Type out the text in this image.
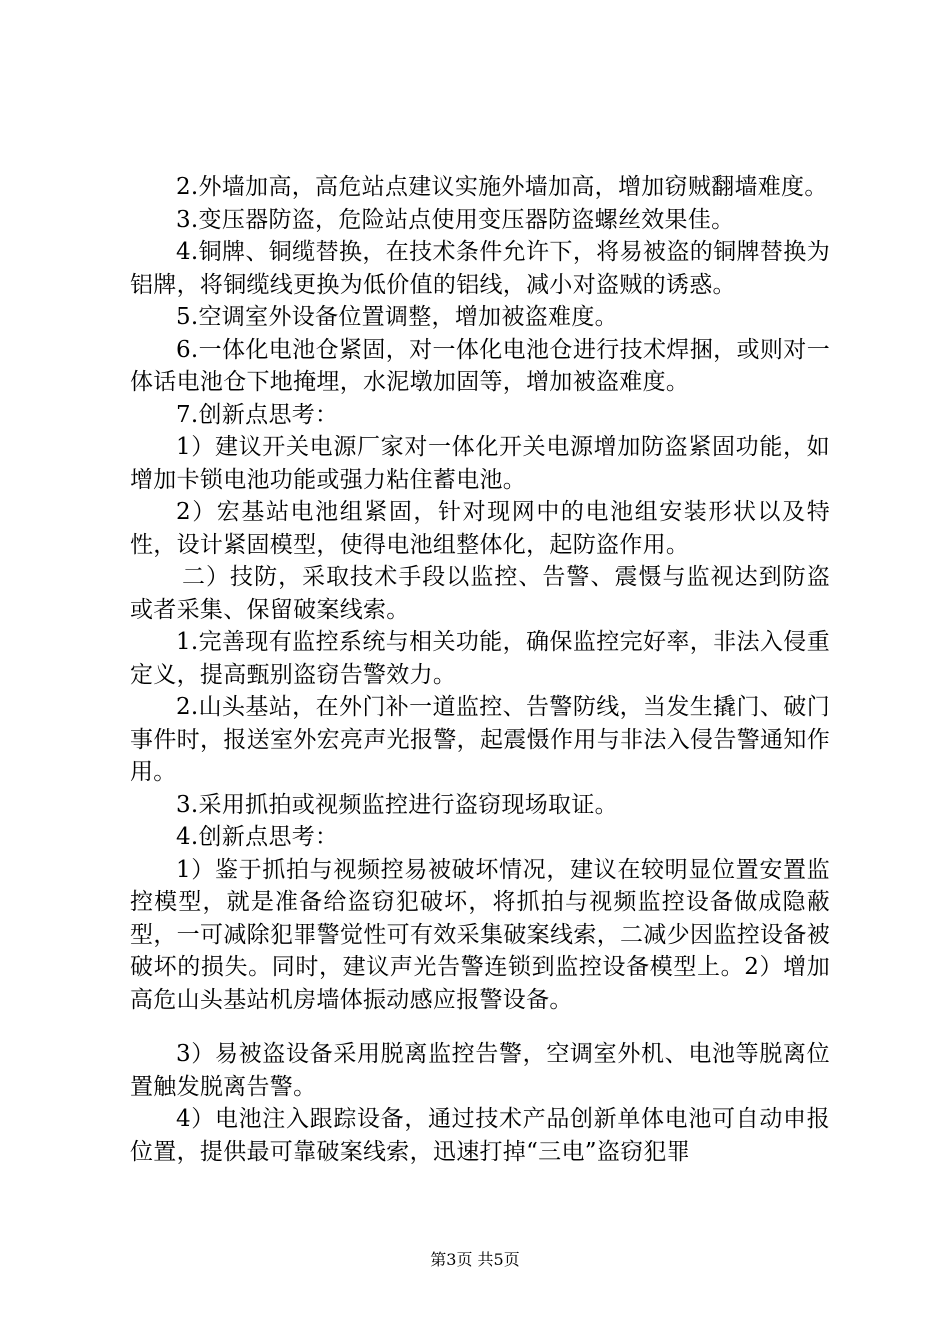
2.外墙加高，高危站点建议实施外墙加高，增加窃贼翻墙难度。

3.变压器防盗，危险站点使用变压器防盗螺丝效果佳。

4.铜牌、铜缆替换，在技术条件允许下，将易被盗的铜牌替换为铝牌，将铜缆线更换为低价值的铝线，减小对盗贼的诱惑。

5.空调室外设备位置调整，增加被盗难度。

6.一体化电池仓紧固，对一体化电池仓进行技术焊捆，或则对一体话电池仓下地掩埋，水泥墩加固等，增加被盗难度。

7.创新点思考：

1）建议开关电源厂家对一体化开关电源增加防盗紧固功能，如增加卡锁电池功能或强力粘住蓄电池。

2）宏基站电池组紧固，针对现网中的电池组安装形状以及特性，设计紧固模型，使得电池组整体化，起防盗作用。

二）技防，采取技术手段以监控、告警、震慑与监视达到防盗或者采集、保留破案线索。

1.完善现有监控系统与相关功能，确保监控完好率，非法入侵重定义，提高甄别盗窃告警效力。

2.山头基站，在外门补一道监控、告警防线，当发生撬门、破门事件时，报送室外宏亮声光报警，起震慑作用与非法入侵告警通知作用。

3.采用抓拍或视频监控进行盗窃现场取证。

4.创新点思考：

1）鉴于抓拍与视频控易被破坏情况，建议在较明显位置安置监控模型，就是准备给盗窃犯破坏，将抓拍与视频监控设备做成隐蔽型，一可减除犯罪警觉性可有效采集破案线索，二减少因监控设备被破坏的损失。同时，建议声光告警连锁到监控设备模型上。2）增加高危山头基站机房墙体振动感应报警设备。

3）易被盗设备采用脱离监控告警，空调室外机、电池等脱离位置触发脱离告警。

4）电池注入跟踪设备，通过技术产品创新单体电池可自动申报位置，提供最可靠破案线索，迅速打掉“三电”盗窃犯罪

第3页 共5页
